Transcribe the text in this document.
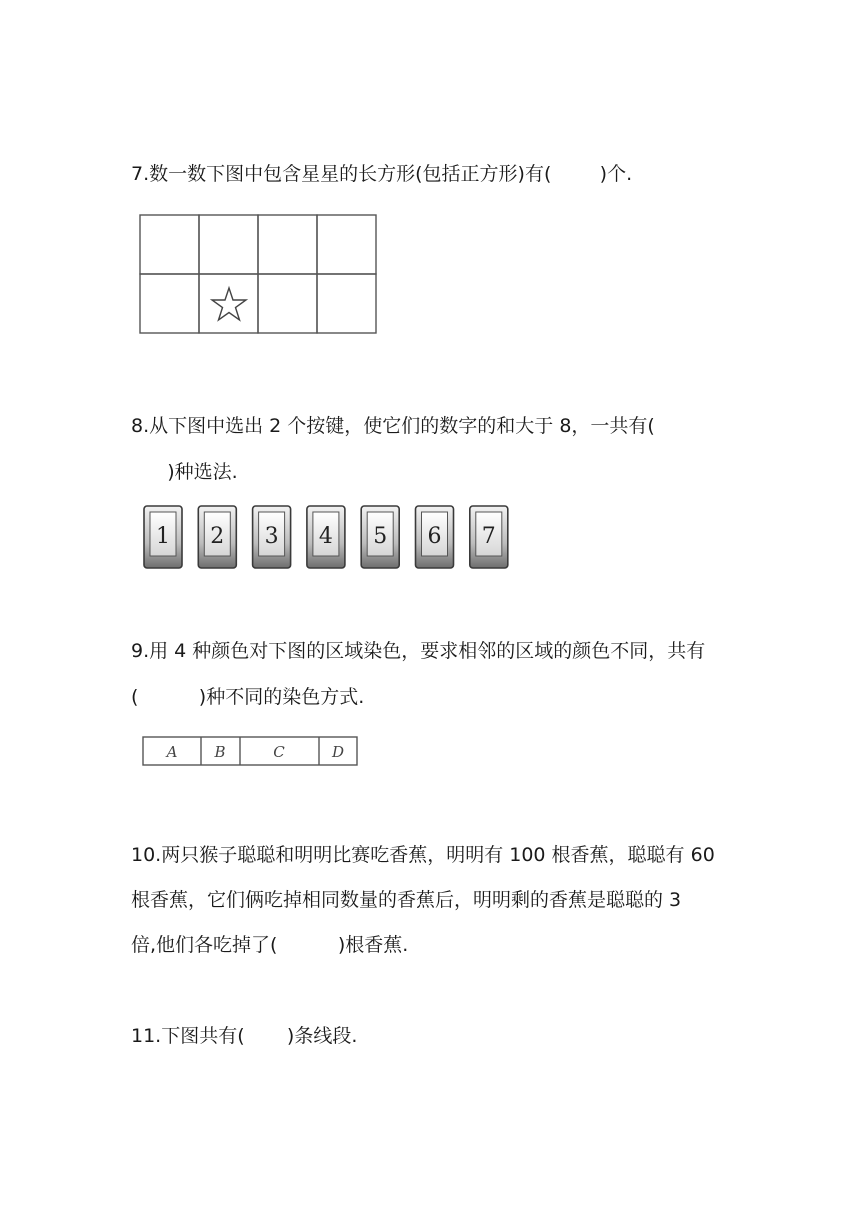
7.数一数下图中包含星星的长方形(包括正方形)有(        )个.
8.从下图中选出 2 个按键，使它们的数字的和大于 8，一共有(
)种选法.
1 2 3 4 5 6 7
9.用 4 种颜色对下图的区域染色，要求相邻的区域的颜色不同，共有
(          )种不同的染色方式.
A B	C	D
10.两只猴子聪聪和明明比赛吃香蕉，明明有 100 根香蕉，聪聪有 60
根香蕉，它们俩吃掉相同数量的香蕉后，明明剩的香蕉是聪聪的 3
倍,他们各吃掉了(          )根香蕉.
11.下图共有(       )条线段.
